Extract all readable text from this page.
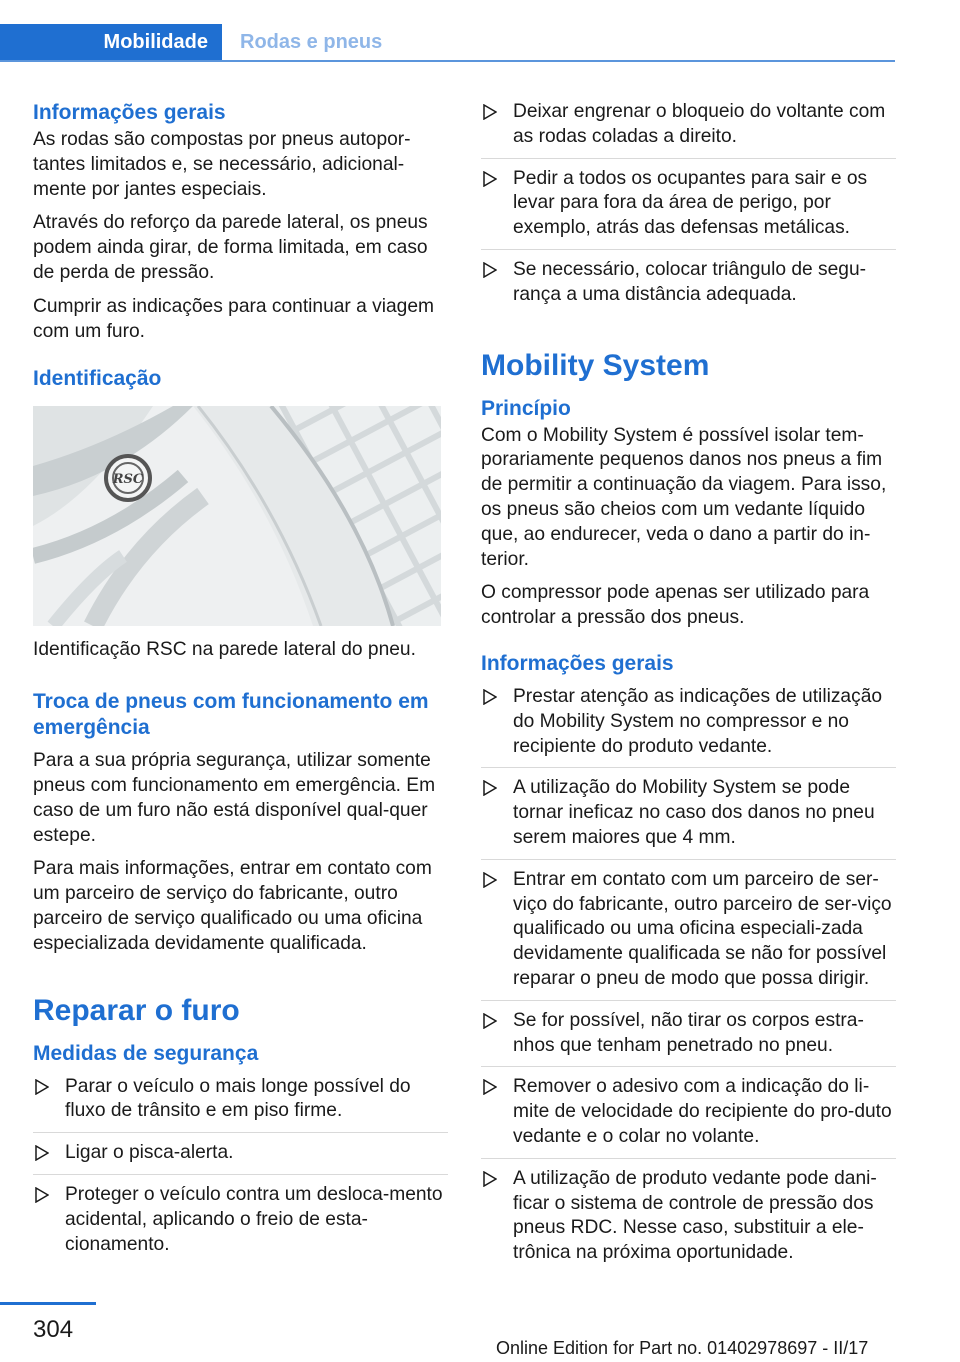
Mobilidade	Rodas e pneus
Informações gerais

As rodas são compostas por pneus autopor-tantes limitados e, se necessário, adicional-mente por jantes especiais.

Através do reforço da parede lateral, os pneus podem ainda girar, de forma limitada, em caso de perda de pressão.

Cumprir as indicações para continuar a viagem com um furo.

Identificação
RSC

Identificação RSC na parede lateral do pneu.

Troca de pneus com funcionamento em emergência

Para a sua própria segurança, utilizar somente pneus com funcionamento em emergência. Em caso de um furo não está disponível qual-quer estepe.

Para mais informações, entrar em contato com um parceiro de serviço do fabricante, outro parceiro de serviço qualificado ou uma oficina especializada devidamente qualificada.

Reparar o furo
Medidas de segurança
Parar o veículo o mais longe possível do fluxo de trânsito e em piso firme.
Ligar o pisca-alerta.
Proteger o veículo contra um desloca-mento acidental, aplicando o freio de esta-cionamento.
Deixar engrenar o bloqueio do voltante com as rodas coladas a direito.
Pedir a todos os ocupantes para sair e os levar para fora da área de perigo, por exemplo, atrás das defensas metálicas.
Se necessário, colocar triângulo de segu-rança a uma distância adequada.
Mobility System
Princípio

Com o Mobility System é possível isolar tem-porariamente pequenos danos nos pneus a fim de permitir a continuação da viagem. Para isso, os pneus são cheios com um vedante líquido que, ao endurecer, veda o dano a partir do in-terior.

O compressor pode apenas ser utilizado para controlar a pressão dos pneus.

Informações gerais
Prestar atenção as indicações de utilização do Mobility System no compressor e no recipiente do produto vedante.
A utilização do Mobility System se pode tornar ineficaz no caso dos danos no pneu serem maiores que 4 mm.
Entrar em contato com um parceiro de ser-viço do fabricante, outro parceiro de ser-viço qualificado ou uma oficina especiali-zada devidamente qualificada se não for possível reparar o pneu de modo que possa dirigir.
Se for possível, não tirar os corpos estra-nhos que tenham penetrado no pneu.
Remover o adesivo com a indicação do li-mite de velocidade do recipiente do pro-duto vedante e o colar no volante.
A utilização de produto vedante pode dani-ficar o sistema de controle de pressão dos pneus RDC. Nesse caso, substituir a ele-trônica na próxima oportunidade.
304
Online Edition for Part no. 01402978697 - II/17
